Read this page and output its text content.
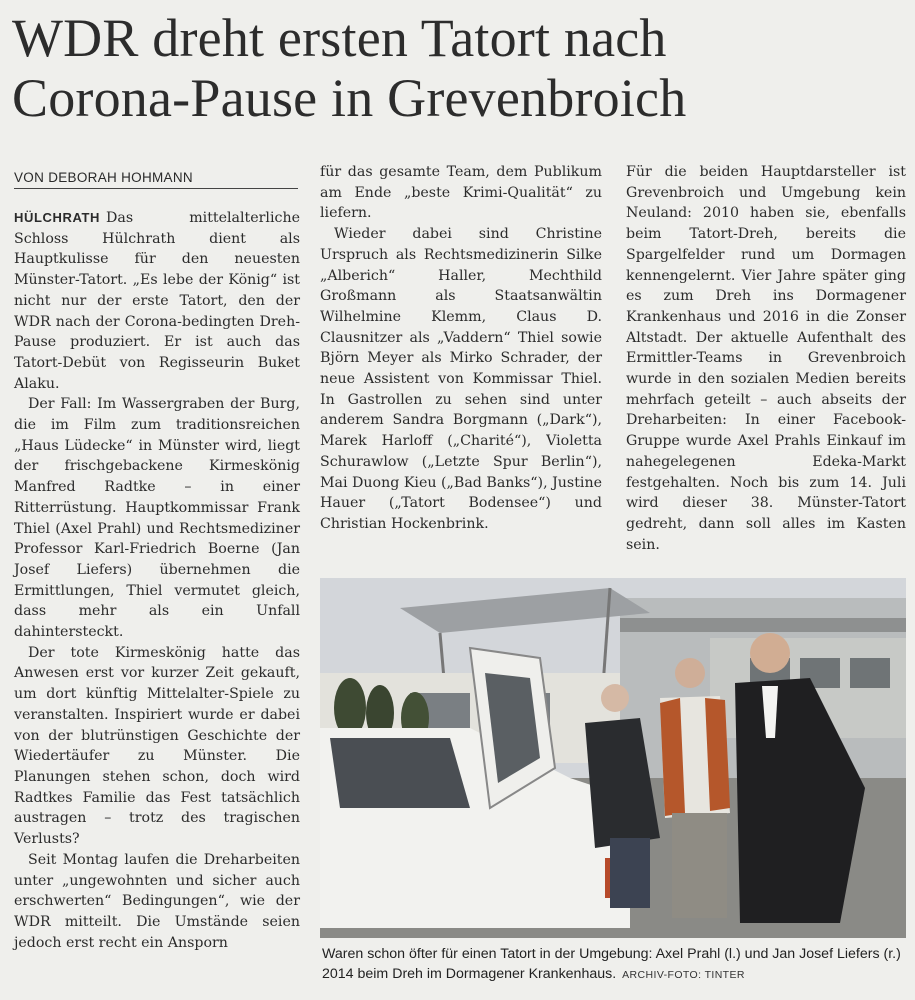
WDR dreht ersten Tatort nach
Corona-Pause in Grevenbroich
VON DEBORAH HOHMANN

HÜLCHRATH Das mittelalterliche Schloss Hülchrath dient als Hauptkulisse für den neuesten Münster-Tatort. „Es lebe der König“ ist nicht nur der erste Tatort, den der WDR nach der Corona-bedingten Dreh-Pause produziert. Er ist auch das Tatort-Debüt von Regisseurin Buket Alaku.

Der Fall: Im Wassergraben der Burg, die im Film zum traditionsreichen „Haus Lüdecke“ in Münster wird, liegt der frischgebackene Kirmeskönig Manfred Radtke – in einer Ritterrüstung. Hauptkommissar Frank Thiel (Axel Prahl) und Rechtsmediziner Professor Karl-Friedrich Boerne (Jan Josef Liefers) übernehmen die Ermittlungen, Thiel vermutet gleich, dass mehr als ein Unfall dahintersteckt.

Der tote Kirmeskönig hatte das Anwesen erst vor kurzer Zeit gekauft, um dort künftig Mittelalter-Spiele zu veranstalten. Inspiriert wurde er dabei von der blutrünstigen Geschichte der Wiedertäufer zu Münster. Die Planungen stehen schon, doch wird Radtkes Familie das Fest tatsächlich austragen – trotz des tragischen Verlusts?

Seit Montag laufen die Dreharbeiten unter „ungewohnten und sicher auch erschwerten“ Bedingungen“, wie der WDR mitteilt. Die Umstände seien jedoch erst recht ein Ansporn

für das gesamte Team, dem Publikum am Ende „beste Krimi-Qualität“ zu liefern.

Wieder dabei sind Christine Urspruch als Rechtsmedizinerin Silke „Alberich“ Haller, Mechthild Großmann als Staatsanwältin Wilhelmine Klemm, Claus D. Clausnitzer als „Vaddern“ Thiel sowie Björn Meyer als Mirko Schrader, der neue Assistent von Kommissar Thiel. In Gastrollen zu sehen sind unter anderem Sandra Borgmann („Dark“), Marek Harloff („Charité“), Violetta Schurawlow („Letzte Spur Berlin“), Mai Duong Kieu („Bad Banks“), Justine Hauer („Tatort Bodensee“) und Christian Hockenbrink.

Für die beiden Hauptdarsteller ist Grevenbroich und Umgebung kein Neuland: 2010 haben sie, ebenfalls beim Tatort-Dreh, bereits die Spargelfelder rund um Dormagen kennengelernt. Vier Jahre später ging es zum Dreh ins Dormagener Krankenhaus und 2016 in die Zonser Altstadt. Der aktuelle Aufenthalt des Ermittler-Teams in Grevenbroich wurde in den sozialen Medien bereits mehrfach geteilt – auch abseits der Dreharbeiten: In einer Facebook-Gruppe wurde Axel Prahls Einkauf im nahegelegenen Edeka-Markt festgehalten. Noch bis zum 14. Juli wird dieser 38. Münster-Tatort gedreht, dann soll alles im Kasten sein.

Waren schon öfter für einen Tatort in der Umgebung: Axel Prahl (l.) und Jan Josef Liefers (r.) 2014 beim Dreh im Dormagener Krankenhaus. ARCHIV-FOTO: TINTER
